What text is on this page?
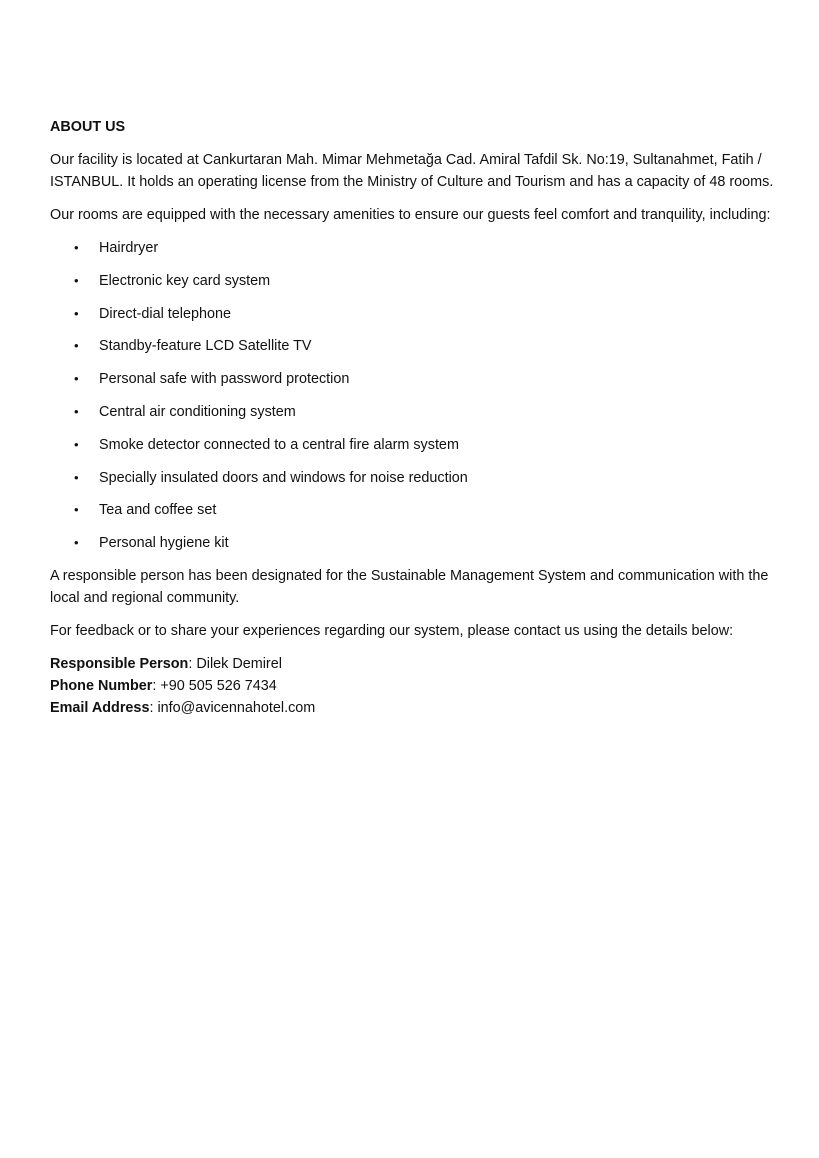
ABOUT US

Our facility is located at Cankurtaran Mah. Mimar Mehmetağa Cad. Amiral Tafdil Sk. No:19, Sultanahmet, Fatih / ISTANBUL. It holds an operating license from the Ministry of Culture and Tourism and has a capacity of 48 rooms.

Our rooms are equipped with the necessary amenities to ensure our guests feel comfort and tranquility, including:

• Hairdryer
• Electronic key card system
• Direct-dial telephone
• Standby-feature LCD Satellite TV
• Personal safe with password protection
• Central air conditioning system
• Smoke detector connected to a central fire alarm system
• Specially insulated doors and windows for noise reduction
• Tea and coffee set
• Personal hygiene kit

A responsible person has been designated for the Sustainable Management System and communication with the local and regional community.

For feedback or to share your experiences regarding our system, please contact us using the details below:

Responsible Person: Dilek Demirel
Phone Number: +90 505 526 7434
Email Address: info@avicennahotel.com
